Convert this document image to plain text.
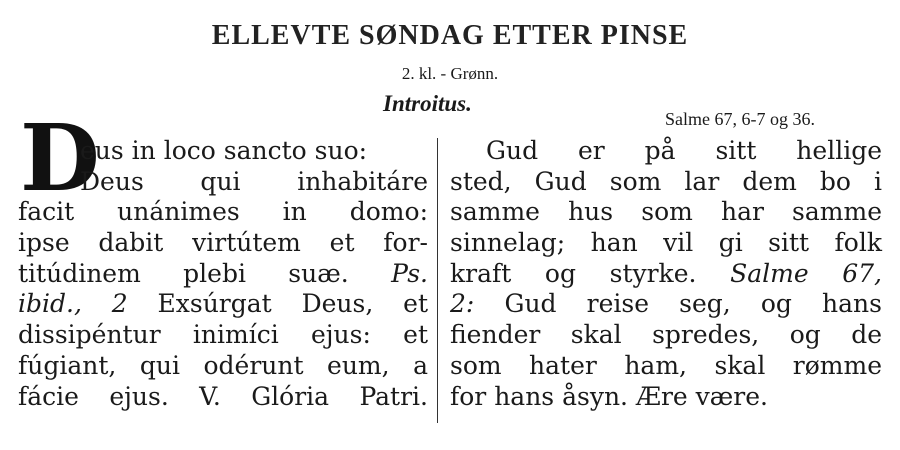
ELLEVTE SØNDAG ETTER PINSE
2. kl. - Grønn.
Introitus.
Salme 67, 6-7 og 36.
D
eus in loco sancto suo:
Deus qui inhabitáre
facit unánimes in domo:
ipse dabit virtútem et for-
titúdinem plebi suæ. Ps.
ibid., 2 Exsúrgat Deus, et
dissipéntur inimíci ejus: et
fúgiant, qui odérunt eum, a
fácie ejus. V. Glória Patri.
Gud er på sitt hellige
sted, Gud som lar dem bo i
samme hus som har samme
sinnelag; han vil gi sitt folk
kraft og styrke. Salme 67,
2: Gud reise seg, og hans
fiender skal spredes, og de
som hater ham, skal rømme
for hans åsyn. Ære være.
